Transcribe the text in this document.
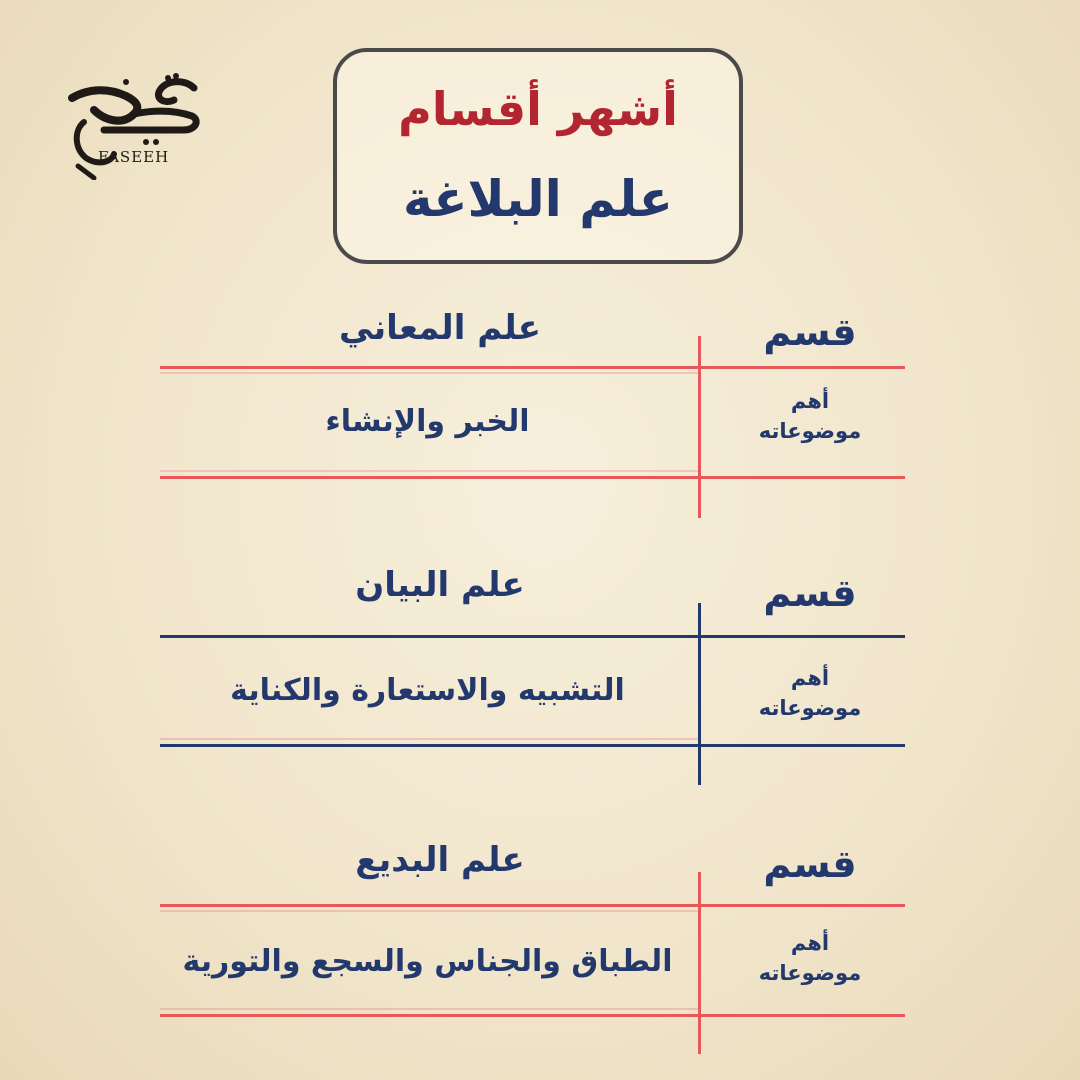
FASEEH
أشهر أقسام
علم البلاغة
قسم
علم المعاني
أهم موضوعاته
الخبر والإنشاء
قسم
علم البيان
أهم موضوعاته
التشبيه والاستعارة والكناية
قسم
علم البديع
أهم موضوعاته
الطباق والجناس والسجع والتورية
